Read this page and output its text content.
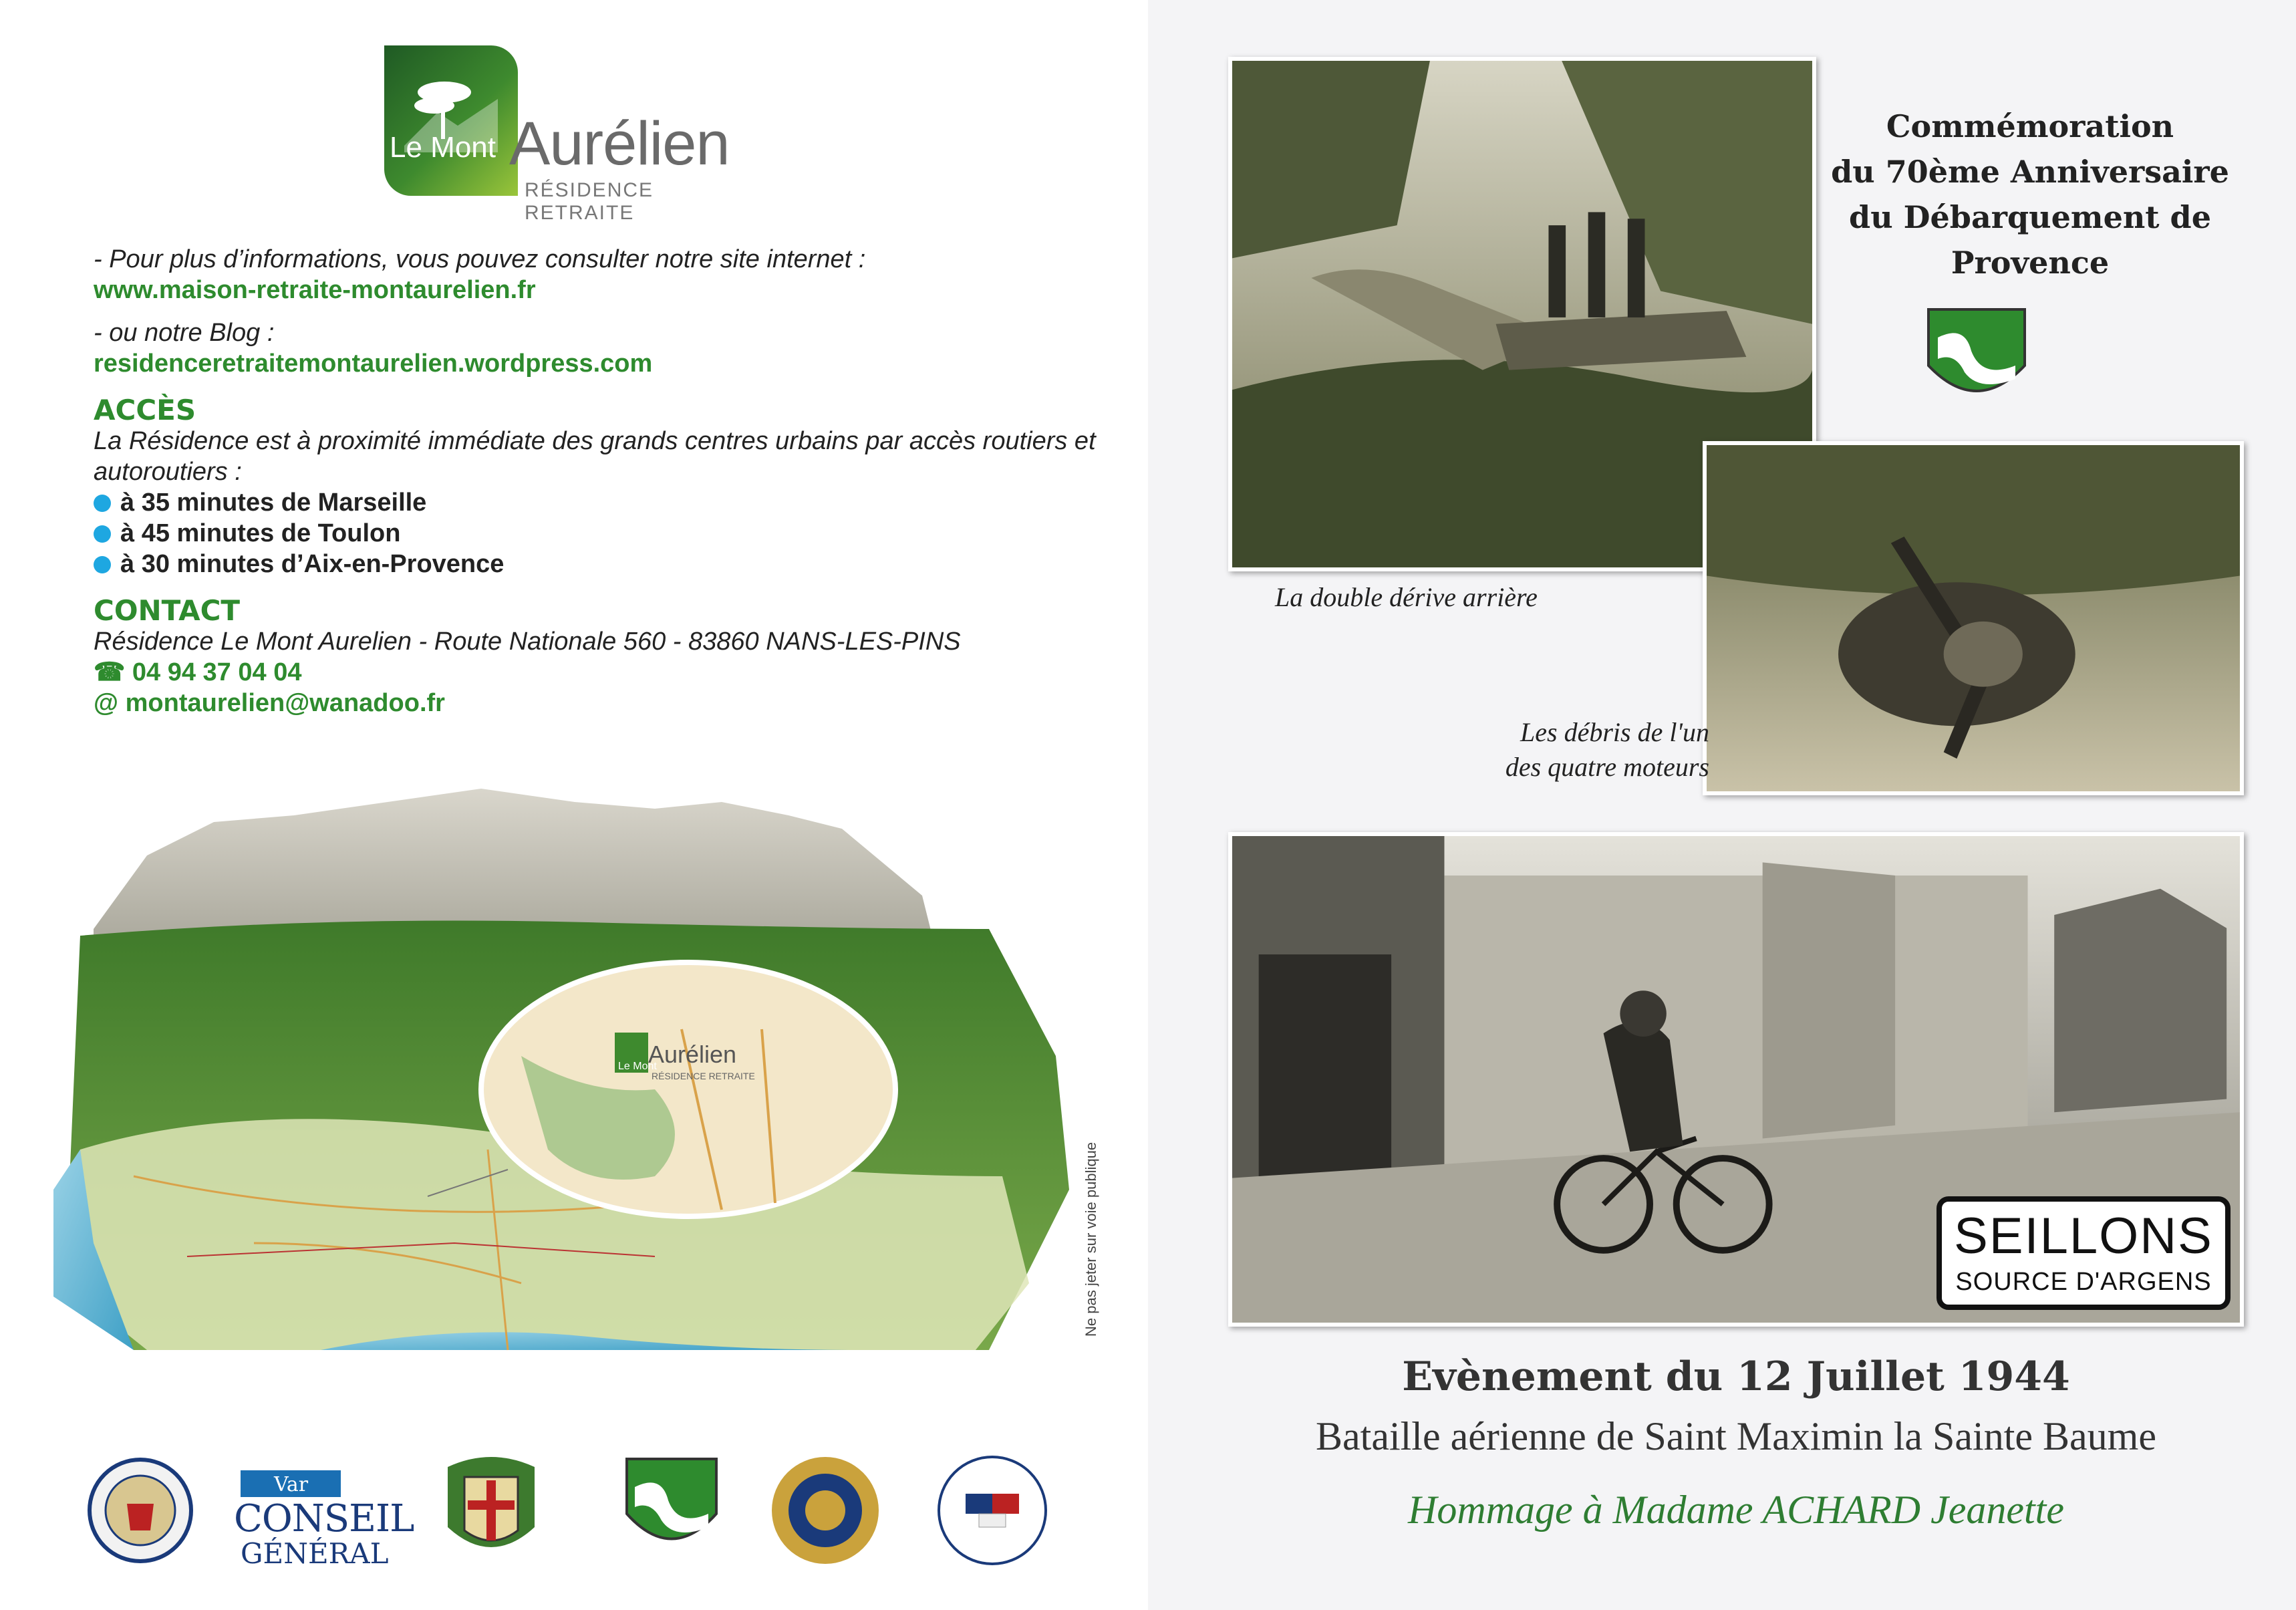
Le Mont Aurélien
RÉSIDENCE RETRAITE
- Pour plus d’informations, vous pouvez consulter notre site internet :
www.maison-retraite-montaurelien.fr
- ou notre Blog :
residenceretraitemontaurelien.wordpress.com
ACCÈS
La Résidence est à proximité immédiate des grands centres urbains par accès routiers et autoroutiers :
à 35 minutes de Marseille
à 45 minutes de Toulon
à 30 minutes d’Aix-en-Provence
CONTACT
Résidence Le Mont Aurelien - Route Nationale 560 - 83860 NANS-LES-PINS
☎ 04 94 37 04 04
@ montaurelien@wanadoo.fr
Le Mont
Aurélien
RÉSIDENCE RETRAITE
Ne pas jeter sur voie publique
Var
CONSEIL
GÉNÉRAL
Commémoration
du 70ème Anniversaire
du Débarquement de Provence
La double dérive arrière
Les débris de l'un
des quatre moteurs
SEILLONS
SOURCE D'ARGENS
Evènement du 12 Juillet 1944
Bataille aérienne de Saint Maximin la Sainte Baume
Hommage à Madame ACHARD Jeanette
